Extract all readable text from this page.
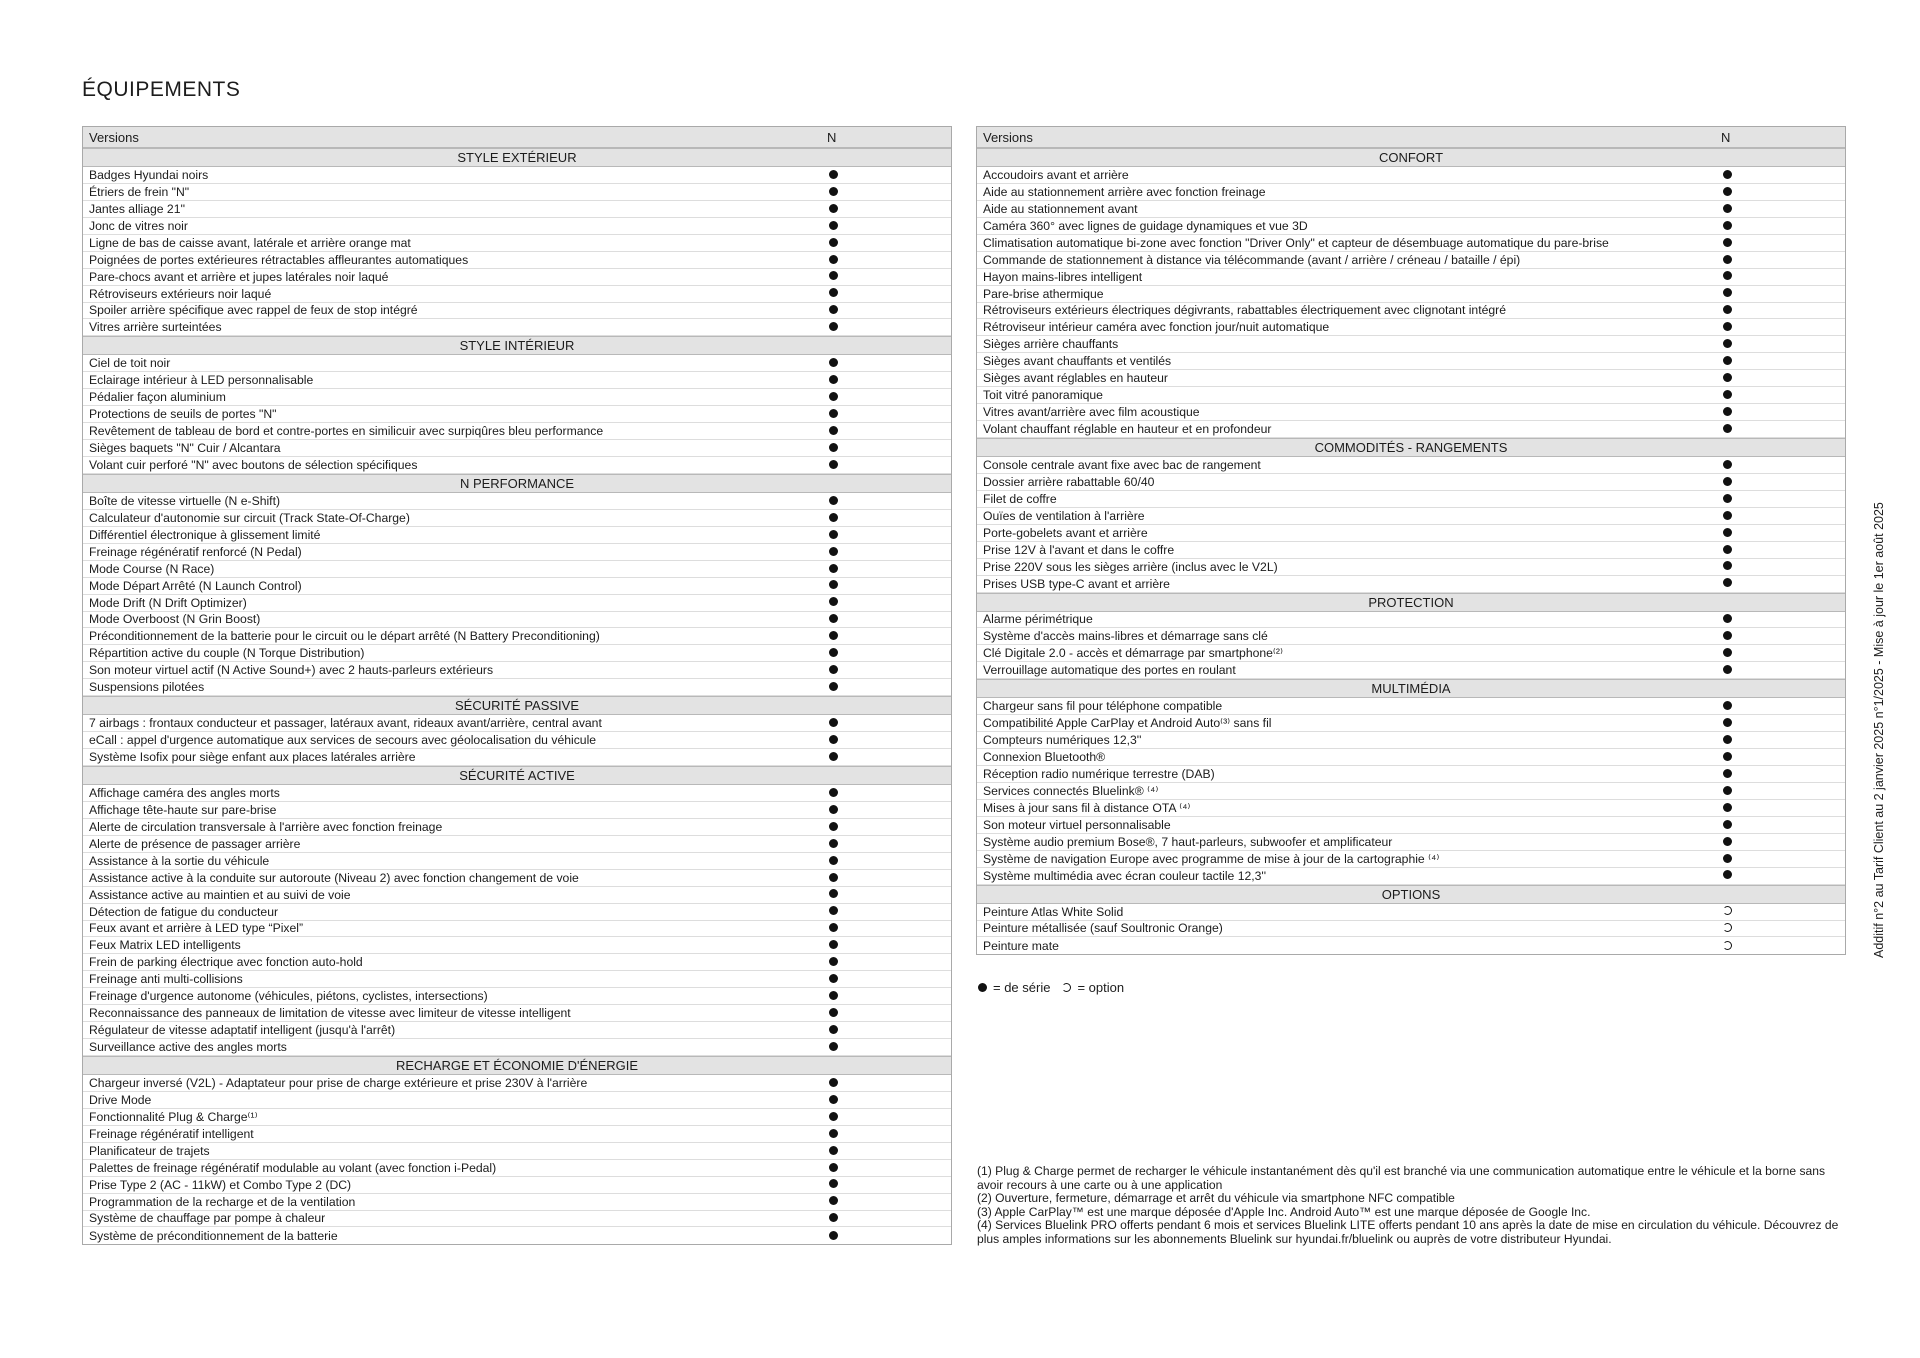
ÉQUIPEMENTS
Versions	N
STYLE EXTÉRIEUR
Badges Hyundai noirs
Étriers de frein "N"
Jantes alliage 21''
Jonc de vitres noir
Ligne de bas de caisse avant, latérale et arrière orange mat
Poignées de portes extérieures rétractables affleurantes automatiques
Pare-chocs avant et arrière et jupes latérales noir laqué
Rétroviseurs extérieurs noir laqué
Spoiler arrière spécifique avec rappel de feux de stop intégré
Vitres arrière surteintées
STYLE INTÉRIEUR
Ciel de toit noir
Eclairage intérieur à LED personnalisable
Pédalier façon aluminium
Protections de seuils de portes "N"
Revêtement de tableau de bord et contre-portes en similicuir avec surpiqûres bleu performance
Sièges baquets "N" Cuir / Alcantara
Volant cuir perforé "N" avec boutons de sélection spécifiques
N PERFORMANCE
Boîte de vitesse virtuelle (N e-Shift)
Calculateur d'autonomie sur circuit (Track State-Of-Charge)
Différentiel électronique à glissement limité
Freinage régénératif renforcé (N Pedal)
Mode Course (N Race)
Mode Départ Arrêté (N Launch Control)
Mode Drift (N Drift Optimizer)
Mode Overboost (N Grin Boost)
Préconditionnement de la batterie pour le circuit ou le départ arrêté (N Battery Preconditioning)
Répartition active du couple (N Torque Distribution)
Son moteur virtuel actif (N Active Sound+) avec 2 hauts-parleurs extérieurs
Suspensions pilotées
SÉCURITÉ PASSIVE
7 airbags : frontaux conducteur et passager, latéraux avant, rideaux avant/arrière, central avant
eCall : appel d'urgence automatique aux services de secours avec géolocalisation du véhicule
Système Isofix pour siège enfant aux places latérales arrière
SÉCURITÉ ACTIVE
Affichage caméra des angles morts
Affichage tête-haute sur pare-brise
Alerte de circulation transversale à l'arrière avec fonction freinage
Alerte de présence de passager arrière
Assistance à la sortie du véhicule
Assistance active à la conduite sur autoroute (Niveau 2) avec fonction changement de voie
Assistance active au maintien et au suivi de voie
Détection de fatigue du conducteur
Feux avant et arrière à LED type “Pixel”
Feux Matrix LED intelligents
Frein de parking électrique avec fonction auto-hold
Freinage anti multi-collisions
Freinage d'urgence autonome (véhicules, piétons, cyclistes, intersections)
Reconnaissance des panneaux de limitation de vitesse avec limiteur de vitesse intelligent
Régulateur de vitesse adaptatif intelligent (jusqu'à l'arrêt)
Surveillance active des angles morts
RECHARGE ET ÉCONOMIE D'ÉNERGIE
Chargeur inversé (V2L) - Adaptateur pour prise de charge extérieure et prise 230V à l'arrière
Drive Mode
Fonctionnalité Plug & Charge⁽¹⁾
Freinage régénératif intelligent
Planificateur de trajets
Palettes de freinage régénératif modulable au volant (avec fonction i-Pedal)
Prise Type 2 (AC - 11kW) et Combo Type 2 (DC)
Programmation de la recharge et de la ventilation
Système de chauffage par pompe à chaleur
Système de préconditionnement de la batterie
Versions	N
CONFORT
Accoudoirs avant et arrière
Aide au stationnement arrière avec fonction freinage
Aide au stationnement avant
Caméra 360° avec lignes de guidage dynamiques et vue 3D
Climatisation automatique bi-zone avec fonction "Driver Only" et capteur de désembuage automatique du pare-brise
Commande de stationnement à distance via télécommande (avant / arrière / créneau / bataille / épi)
Hayon mains-libres intelligent
Pare-brise athermique
Rétroviseurs extérieurs électriques dégivrants, rabattables électriquement avec clignotant intégré
Rétroviseur intérieur caméra avec fonction jour/nuit automatique
Sièges arrière chauffants
Sièges avant chauffants et ventilés
Sièges avant réglables en hauteur
Toit vitré panoramique
Vitres avant/arrière avec film acoustique
Volant chauffant réglable en hauteur et en profondeur
COMMODITÉS - RANGEMENTS
Console centrale avant fixe avec bac de rangement
Dossier arrière rabattable 60/40
Filet de coffre
Ouïes de ventilation à l'arrière
Porte-gobelets avant et arrière
Prise 12V à l'avant et dans le coffre
Prise 220V sous les sièges arrière (inclus avec le V2L)
Prises USB type-C avant et arrière
PROTECTION
Alarme périmétrique
Système d'accès mains-libres et démarrage sans clé
Clé Digitale 2.0 - accès et démarrage par smartphone⁽²⁾
Verrouillage automatique des portes en roulant
MULTIMÉDIA
Chargeur sans fil pour téléphone compatible
Compatibilité Apple CarPlay et Android Auto⁽³⁾ sans fil
Compteurs numériques 12,3''
Connexion Bluetooth®
Réception radio numérique terrestre (DAB)
Services connectés Bluelink® ⁽⁴⁾
Mises à jour sans fil à distance OTA ⁽⁴⁾
Son moteur virtuel personnalisable
Système audio premium Bose®, 7 haut-parleurs, subwoofer et amplificateur
Système de navigation Europe avec programme de mise à jour de la cartographie ⁽⁴⁾
Système multimédia avec écran couleur tactile 12,3''
OPTIONS
Peinture Atlas White Solid
Peinture métallisée (sauf Soultronic Orange)
Peinture mate
= de série = option
(1) Plug & Charge permet de recharger le véhicule instantanément dès qu'il est branché via une communication automatique entre le véhicule et la borne sans avoir recours à une carte ou à une application
(2) Ouverture, fermeture, démarrage et arrêt du véhicule via smartphone NFC compatible
(3) Apple CarPlay™ est une marque déposée d'Apple Inc. Android Auto™ est une marque déposée de Google Inc.
(4) Services Bluelink PRO offerts pendant 6 mois et services Bluelink LITE offerts pendant 10 ans après la date de mise en circulation du véhicule. Découvrez de plus amples informations sur les abonnements Bluelink sur hyundai.fr/bluelink ou auprès de votre distributeur Hyundai.
Additif n°2 au Tarif Client au 2 janvier 2025 n°1/2025 - Mise à jour le 1er août 2025
